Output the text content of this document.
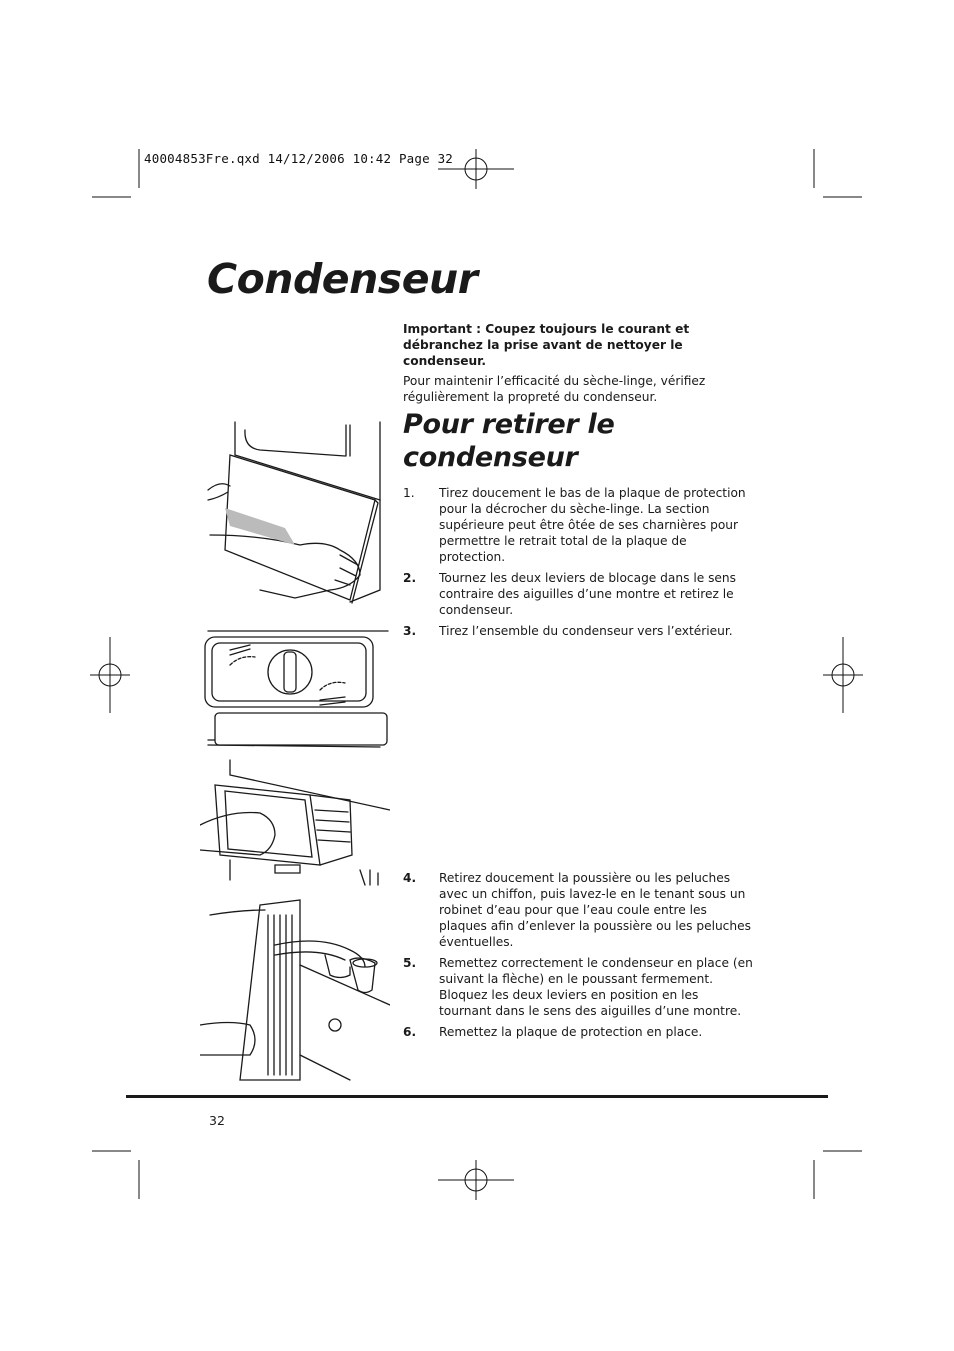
40004853Fre.qxd 14/12/2006 10:42 Page 32
Condenseur

Important : Coupez toujours le courant et débranchez la prise avant de nettoyer le condenseur.

Pour maintenir l’efficacité du sèche-linge, vérifiez régulièrement la propreté du condenseur.

Pour retirer le condenseur
1.	Tirez doucement le bas de la plaque de protection pour la décrocher du sèche-linge. La section supérieure peut être ôtée de ses charnières pour permettre le retrait total de la plaque de protection.
2.	Tournez les deux leviers de blocage dans le sens contraire des aiguilles d’une montre et retirez le condenseur.
3.	Tirez l’ensemble du condenseur vers l’extérieur.
4.	Retirez doucement la poussière ou les peluches avec un chiffon, puis lavez-le en le tenant sous un robinet d’eau pour que l’eau coule entre les plaques afin d’enlever la poussière ou les peluches éventuelles.
5.	Remettez correctement le condenseur en place (en suivant la flèche) en le poussant fermement. Bloquez les deux leviers en position en les tournant dans le sens des aiguilles d’une montre.
6.	Remettez la plaque de protection en place.
32
